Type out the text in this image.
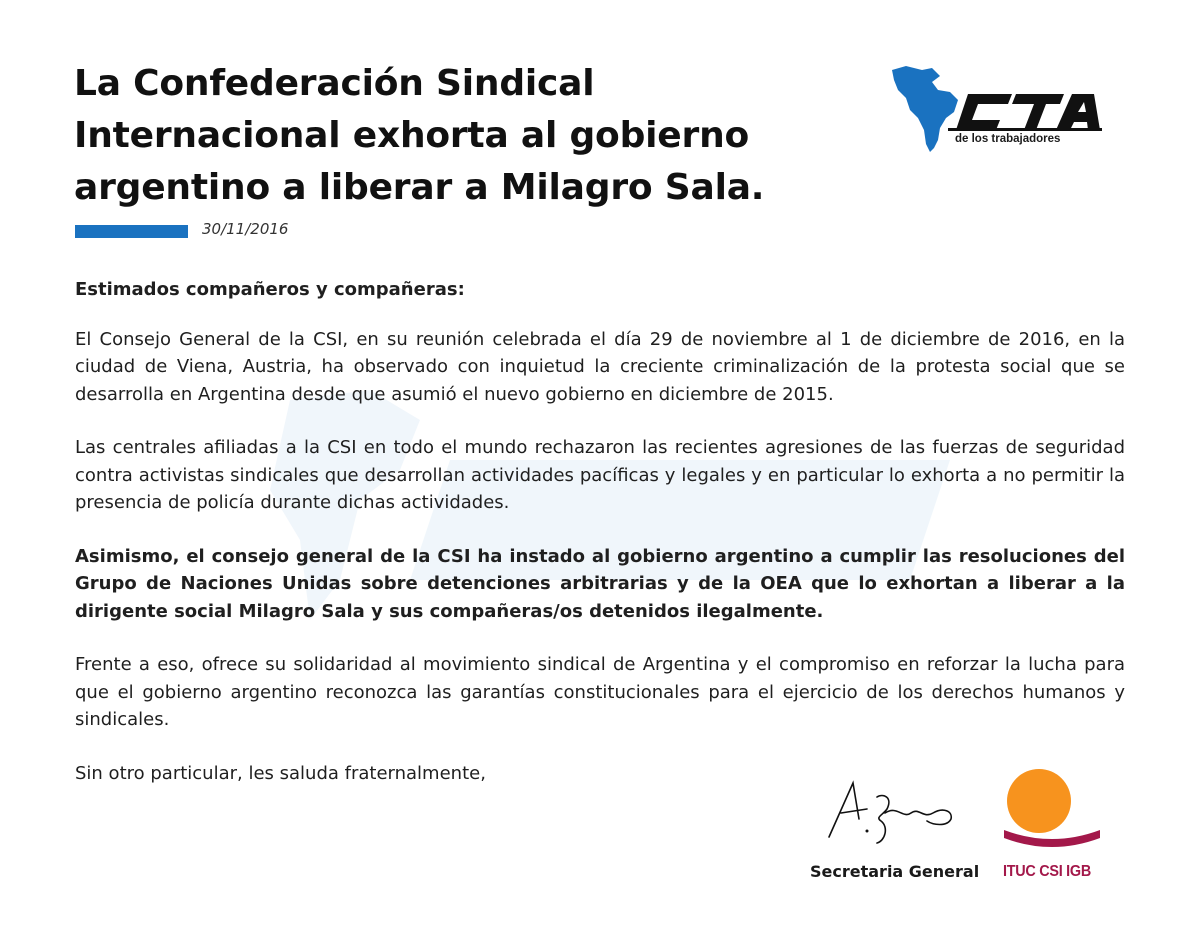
La Confederación Sindical
Internacional exhorta al gobierno
argentino a liberar a Milagro Sala.
30/11/2016
de los trabajadores

Estimados compañeros y compañeras:

El Consejo General de la CSI, en su reunión celebrada el día 29 de noviembre al 1 de diciembre de 2016, en la ciudad de Viena, Austria, ha observado con inquietud la creciente criminalización de la protesta social que se desarrolla en Argentina desde que asumió el nuevo gobierno en diciembre de 2015.

Las centrales afiliadas a la CSI en todo el mundo rechazaron las recientes agresiones de las fuerzas de seguridad contra activistas sindicales que desarrollan actividades pacíficas y legales y en particular lo exhorta a no permitir la presencia de policía durante dichas actividades.

Asimismo, el consejo general de la CSI ha instado al gobierno argentino a cumplir las resoluciones del Grupo de Naciones Unidas sobre detenciones arbitrarias y de la OEA que lo exhortan a liberar a la dirigente social Milagro Sala y sus compañeras/os detenidos ilegalmente.

Frente a eso, ofrece su solidaridad al movimiento sindical de Argentina y el compromiso en reforzar la lucha para que el gobierno argentino reconozca las garantías constitucionales para el ejercicio de los derechos humanos y sindicales.

Sin otro particular, les saluda fraternalmente,

Secretaria General ITUC CSI IGB
